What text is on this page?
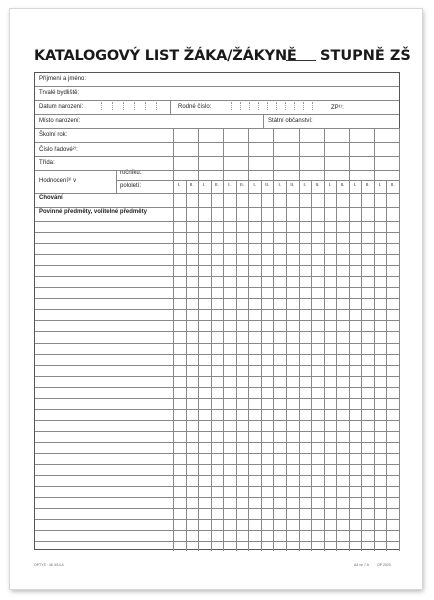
KATALOGOVÝ LIST ŽÁKA/ŽÁKYNĚ STUPNĚ ZŠ
Příjmení a jméno:
Trvalé bydliště:
Datum narození:	Rodné číslo:	ZP¹⁾:
Místo narození:	Státní občanství:
Školní rok:
Číslo řadové²⁾:
Třída:
Hodnocení³⁾ v
ročníku:
pololetí:
Chování
Povinné předměty, volitelné předměty
I. II. I. II. I. II. I. II. I. II. I. II. I. II. I. II. I. II.
OPTYS · 46 3/14 A	A4 ve 7 A OP 2024
